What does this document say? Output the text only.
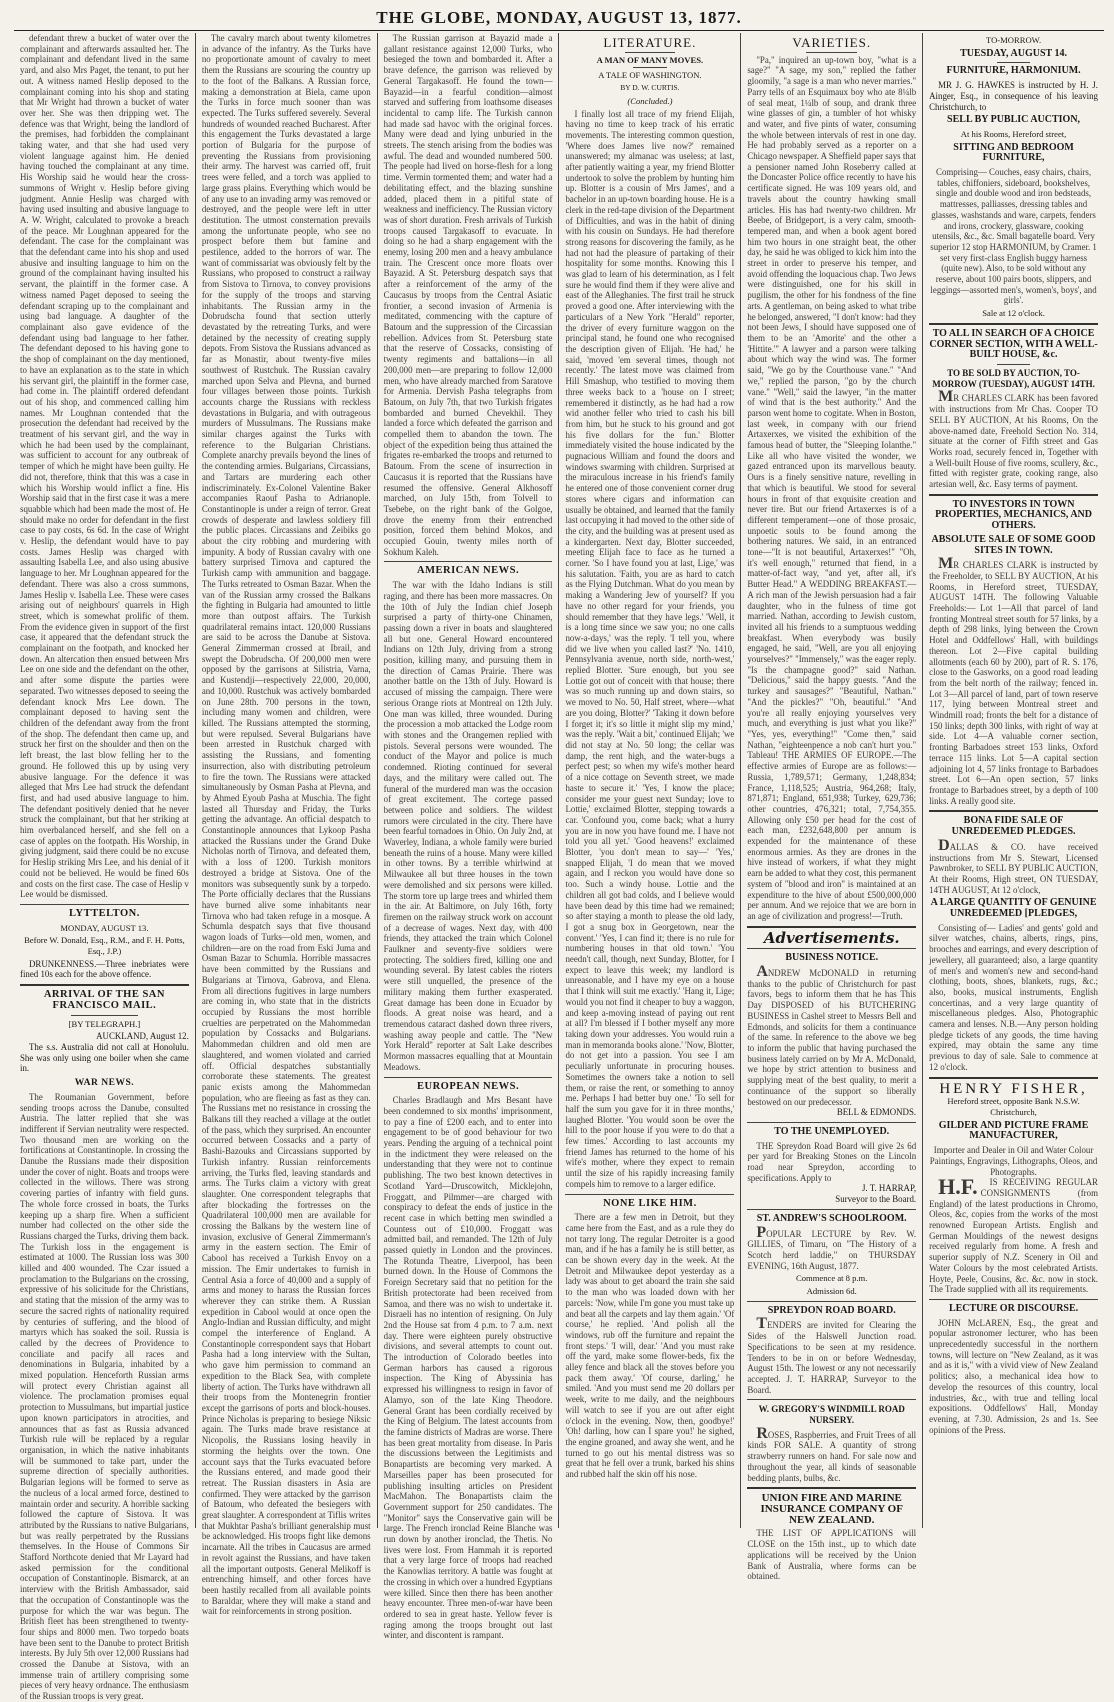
THE GLOBE, MONDAY, AUGUST 13, 1877.

defendant threw a bucket of water over the complainant and afterwards assaulted her. The complainant and defendant lived in the same yard, and also Mrs Paget, the tenant, to put her out. A witness named Heslip deposed to the complainant coming into his shop and stating that Mr Wright had thrown a bucket of water over her. She was then dripping wet. The defence was that Wright, being the landlord of the premises, had forbidden the complainant taking water, and that she had used very violent language against him. He denied having touched the complainant at any time. His Worship said he would hear the cross-summons of Wright v. Heslip before giving judgment. Annie Heslip was charged with having used insulting and abusive language to A. W. Wright, calculated to provoke a breach of the peace. Mr Loughnan appeared for the defendant. The case for the complainant was that the defendant came into his shop and used abusive and insulting language to him on the ground of the complainant having insulted his servant, the plaintiff in the former case. A witness named Paget deposed to seeing the defendant scraping up to the complainant and using bad language. A daughter of the complainant also gave evidence of the defendant using bad language to her father. The defendant deposed to his having gone to the shop of complainant on the day mentioned, to have an explanation as to the state in which his servant girl, the plaintiff in the former case, had come in. The plaintiff ordered defendant out of his shop, and commenced calling him names. Mr Loughnan contended that the prosecution the defendant had received by the treatment of his servant girl, and the way in which he had been used by the complainant, was sufficient to account for any outbreak of temper of which he might have been guilty. He did not, therefore, think that this was a case in which his Worship would inflict a fine. His Worship said that in the first case it was a mere squabble which had been made the most of. He should make no order for defendant in the first case to pay costs, 6s 6d. In the case of Wright v. Heslip, the defendant would have to pay costs. James Heslip was charged with assaulting Isabella Lee, and also using abusive language to her. Mr Loughnan appeared for the defendant. There was also a cross summons, James Heslip v. Isabella Lee. These were cases arising out of neighbours' quarrels in High street, which is somewhat prolific of them. From the evidence given in support of the first case, it appeared that the defendant struck the complainant on the footpath, and knocked her down. An altercation then ensued between Mrs Lee on one side and the defendant on the other, and after some dispute the parties were separated. Two witnesses deposed to seeing the defendant knock Mrs Lee down. The complainant deposed to having sent the children of the defendant away from the front of the shop. The defendant then came up, and struck her first on the shoulder and then on the left breast, the last blow felling her to the ground. He followed this up by using very abusive language. For the defence it was alleged that Mrs Lee had struck the defendant first, and had used abusive language to him. The defendant positively denied that he never struck the complainant, but that her striking at him overbalanced herself, and she fell on a case of apples on the footpath. His Worship, in giving judgment, said there could be no excuse for Heslip striking Mrs Lee, and his denial of it could not be believed. He would be fined 60s and costs on the first case. The case of Heslip v Lee would be dismissed.

LYTTELTON.
MONDAY, AUGUST 13.
Before W. Donald, Esq., R.M., and F. H. Potts, Esq., J.P.)

DRUNKENNESS.—Three inebriates were fined 10s each for the above offence.

ARRIVAL OF THE SAN FRANCISCO MAIL.
[BY TELEGRAPH.]
AUCKLAND, August 12.

The s.s. Australia did not call at Honolulu. She was only using one boiler when she came in.

WAR NEWS.

The Roumanian Government, before sending troops across the Danube, consulted Austria. The latter replied that she was indifferent if Servian neutrality were respected. Two thousand men are working on the fortifications at Constantinople. In crossing the Danube the Russians made their disposition under the cover of night. Boats and troops were collected in the willows. There was strong covering parties of infantry with field guns. The whole force crossed in boats, the Turks keeping up a sharp fire. When a sufficient number had collected on the other side the Russians charged the Turks, driving them back. The Turkish loss in the engagement is estimated at 1000. The Russian loss was 300 killed and 400 wounded. The Czar issued a proclamation to the Bulgarians on the crossing, expressive of his solicitude for the Christians, and stating that the mission of the army was to secure the sacred rights of nationality required by centuries of suffering, and the blood of martyrs which has soaked the soil. Russia is called by the decrees of Providence to conciliate and pacify all races and denominations in Bulgaria, inhabited by a mixed population. Henceforth Russian arms will protect every Christian against all violence. The proclamation promises equal protection to Mussulmans, but impartial justice upon known participators in atrocities, and announces that as fast as Russia advanced Turkish rule will be replaced by a regular organisation, in which the native inhabitants will be summoned to take part, under the supreme direction of specially authorities. Bulgarian legions will be formed to serve as the nucleus of a local armed force, destined to maintain order and security. A horrible sacking followed the capture of Sistova. It was attributed by the Russians to native Bulgarians, but was really perpetrated by the Russians themselves. In the House of Commons Sir Stafford Northcote denied that Mr Layard had asked permission for the conditional occupation of Constantinople. Bismarck, at an interview with the British Ambassador, said that the occupation of Constantinople was the purpose for which the war was begun. The British fleet has been strengthened to twenty-four ships and 8000 men. Two torpedo boats have been sent to the Danube to protect British interests. By July 5th over 12,000 Russians had crossed the Danube at Sistova, with an immense train of artillery comprising some pieces of very heavy ordnance. The enthusiasm of the Russian troops is very great.

The cavalry march about twenty kilometres in advance of the infantry. As the Turks have no proportionate amount of cavalry to meet them the Russians are scouring the country up to the foot of the Balkans. A Russian force, making a demonstration at Biela, came upon the Turks in force much sooner than was expected. The Turks suffered severely. Several hundreds of wounded reached Bucharest. After this engagement the Turks devastated a large portion of Bulgaria for the purpose of preventing the Russians from provisioning their army. The harvest was carried off, fruit trees were felled, and a torch was applied to large grass plains. Everything which would be of any use to an invading army was removed or destroyed, and the people were left in utter destitution. The utmost consternation prevails among the unfortunate people, who see no prospect before them but famine and pestilence, added to the horrors of war. The want of commissariat was obviously felt by the Russians, who proposed to construct a railway from Sistova to Tirnova, to convey provisions for the supply of the troops and starving inhabitants. The Russian army in the Dobrudscha found that section utterly devastated by the retreating Turks, and were detained by the necessity of creating supply depots. From Sistova the Russians advanced as far as Monastir, about twenty-five miles southwest of Rustchuk. The Russian cavalry marched upon Selva and Plevna, and burned four villages between those points. Turkish accounts charge the Russians with reckless devastations in Bulgaria, and with outrageous murders of Mussulmans. The Russians make similar charges against the Turks with reference to the Bulgarian Christians. Complete anarchy prevails beyond the lines of the contending armies. Bulgarians, Circassians, and Tartars are murdering each other indiscriminately. Ex-Colonel Valentine Baker accompanies Raouf Pasha to Adrianople. Constantinople is under a reign of terror. Great crowds of desperate and lawless soldiery fill the public places. Circassians and Zeibiks go about the city robbing and murdering with impunity. A body of Russian cavalry with one battery surprised Tirnova and captured the Turkish camp with ammunition and baggage. The Turks retreated to Osman Bazar. When the van of the Russian army crossed the Balkans the fighting in Bulgaria had amounted to little more than outpost affairs. The Turkish quadrilateral remains intact. 120,000 Russians are said to be across the Danube at Sistova. General Zimmerman crossed at Ibrail, and swept the Dobrudscha. Of 200,000 men were opposed by the garrisons at Silistria, Varna, and Kustendji—respectively 22,000, 20,000, and 10,000. Rustchuk was actively bombarded on June 28th. 700 persons in the town, including many women and children, were killed. The Russians attempted the storming, but were repulsed. Several Bulgarians have been arrested in Rustchuk charged with assisting the Russians, and fomenting insurrection, also with distributing petroleum to fire the town. The Russians were attacked simultaneously by Osman Pasha at Plevna, and by Ahmed Eyoub Pasha at Muschia. The fight lasted all Thursday and Friday, the Turks getting the advantage. An official despatch to Constantinople announces that Lykoop Pasha attacked the Russians under the Grand Duke Nicholas north of Tirnova, and defeated them, with a loss of 1200. Turkish monitors destroyed a bridge at Sistova. One of the monitors was subsequently sunk by a torpedo. The Porte officially declares that the Russians have burned alive some inhabitants near Tirnova who had taken refuge in a mosque. A Schumla despatch says that five thousand wagon loads of Turks—old men, women, and children—are on the road from Eski Juma and Osman Bazar to Schumla. Horrible massacres have been committed by the Russians and Bulgarians at Tirnova, Gabrova, and Elena. From all directions fugitives in large numbers are coming in, who state that in the districts occupied by Russians the most horrible cruelties are perpetrated on the Mahommedan population by Cossacks and Bulgarians. Mahommedan children and old men are slaughtered, and women violated and carried off. Official despatches substantially corroborate these statements. The greatest panic exists among the Mahommedan population, who are fleeing as fast as they can. The Russians met no resistance in crossing the Balkans till they reached a village at the outlet of the pass, which they surprised. An encounter occurred between Cossacks and a party of Bashi-Bazouks and Circassians supported by Turkish infantry. Russian reinforcements arriving, the Turks fled, leaving standards and arms. The Turks claim a victory with great slaughter. One correspondent telegraphs that after blockading the fortresses on the Quadrilateral 100,000 men are available for crossing the Balkans by the western line of invasion, exclusive of General Zimmermann's army in the eastern section. The Emir of Cabool has received a Turkish Envoy on a mission. The Emir undertakes to furnish in Central Asia a force of 40,000 and a supply of arms and money to harass the Russian forces wherever they can strike them. A Russian expedition in Cabool would at once open the Anglo-Indian and Russian difficulty, and might compel the interference of England. A Constantinople correspondent says that Hobart Pasha had a long interview with the Sultan, who gave him permission to command an expedition to the Black Sea, with complete liberty of action. The Turks have withdrawn all their troops from the Montenegrin frontier except the garrisons of ports and block-houses. Prince Nicholas is preparing to besiege Niksic again. The Turks made brave resistance at Nicopolis, the Russians losing heavily in storming the heights over the town. One account says that the Turks evacuated before the Russians entered, and made good their retreat. The Russian disasters in Asia are confirmed. They were attacked by the garrison of Batoum, who defeated the besiegers with great slaughter. A correspondent at Tiflis writes that Mukhtar Pasha's brilliant generalship must be acknowledged. His troops fight like demons incarnate. All the tribes in Caucasus are armed in revolt against the Russians, and have taken all the important outposts. General Melikoff is entrenching himself, and other forces have been hastily recalled from all available points to Baraldar, where they will make a stand and wait for reinforcements in strong position.

The Russian garrison at Bayazid made a gallant resistance against 12,000 Turks, who besieged the town and bombarded it. After a brave defence, the garrison was relieved by General Targakasoff. He found the town—Bayazid—in a fearful condition—almost starved and suffering from loathsome diseases incidental to camp life. The Turkish cannon had made sad havoc with the original forces. Many were dead and lying unburied in the streets. The stench arising from the bodies was awful. The dead and wounded numbered 500. The people had lived on horse-flesh for a long time. Vermin tormented them; and water had a debilitating effect, and the blazing sunshine added, placed them in a pitiful state of weakness and inefficiency. The Russian victory was of short duration. Fresh arrivals of Turkish troops caused Targakasoff to evacuate. In doing so he had a sharp engagement with the enemy, losing 200 men and a heavy ambulance train. The Crescent once more floats over Bayazid. A St. Petersburg despatch says that after a reinforcement of the army of the Caucasus by troops from the Central Asiatic frontier, a second invasion of Armenia is meditated, commencing with the capture of Batoum and the suppression of the Circassian rebellion. Advices from St. Petersburg state that the reserve of Cossacks, consisting of twenty regiments and battalions—in all 200,000 men—are preparing to follow 12,000 men, who have already marched from Saratove for Armenia. Dervish Pasha telegraphs from Batoum, on July 7th, that two Turkish frigates bombarded and burned Chevekhil. They landed a force which defeated the garrison and compelled them to abandon the town. The object of the expedition being thus attained the frigates re-embarked the troops and returned to Batoum. From the scene of insurrection in Caucasus it is reported that the Russians have resumed the offensive. General Alkhosoff marched, on July 15th, from Tolvell to Tsebebe, on the right bank of the Golgoe, drove the enemy from their entrenched position, forced them behind Mokos, and occupied Gouin, twenty miles north of Sokhum Kaleh.

AMERICAN NEWS.

The war with the Idaho Indians is still raging, and there has been more massacres. On the 10th of July the Indian chief Joseph surprised a party of thirty-one Chinamen, passing down a river in boats and slaughtered all but one. General Howard encountered Indians on 12th July, driving from a strong position, killing many, and pursuing them in the direction of Camas Prairie. There was another battle on the 13th of July. Howard is accused of missing the campaign. There were serious Orange riots at Montreal on 12th July. One man was killed, three wounded. During the procession a mob attacked the Lodge room with stones and the Orangemen replied with pistols. Several persons were wounded. The conduct of the Mayor and police is much condemned. Rioting continued for several days, and the military were called out. The funeral of the murdered man was the occasion of great excitement. The cortege passed between police and soldiers. The wildest rumors were circulated in the city. There have been fearful tornadoes in Ohio. On July 2nd, at Waverley, Indiana, a whole family were buried beneath the ruins of a house. Many were killed in other towns. By a terrible whirlwind at Milwaukee all but three houses in the town were demolished and six persons were killed. The storm tore up large trees and whirled them in the air. At Baltimore, on July 16th, forty firemen on the railway struck work on account of a decrease of wages. Next day, with 400 friends, they attacked the train which Colonel Faulkner and seventy-five soldiers were protecting. The soldiers fired, killing one and wounding several. By latest cables the rioters were still unquelled, the presence of the military making them further exasperated. Great damage has been done in Ecuador by floods. A great noise was heard, and a tremendous cataract dashed down three rivers, washing away people and cattle. The "New York Herald" reporter at Salt Lake describes Mormon massacres equalling that at Mountain Meadows.

EUROPEAN NEWS.

Charles Bradlaugh and Mrs Besant have been condemned to six months' imprisonment, to pay a fine of £200 each, and to enter into engagement to be of good behaviour for two years. Pending the arguing of a technical point in the indictment they were released on the understanding that they were not to continue publishing. The two best known detectives in Scotland Yard—Druscowitch, Micklejohn, Froggatt, and Pilmmer—are charged with conspiracy to defeat the ends of justice in the recent case in which betting men swindled a Countess out of £10,000. Froggatt was admitted bail, and remanded. The 12th of July passed quietly in London and the provinces. The Rotunda Theatre, Liverpool, has been burned down. In the House of Commons the Foreign Secretary said that no petition for the British protectorate had been received from Samoa, and there was no wish to undertake it. Disraeli has no intention of resigning. On July 2nd the House sat from 4 p.m. to 7 a.m. next day. There were eighteen purely obstructive divisions, and several attempts to count out. The introduction of Colorado beetles into German harbors has caused a rigorous inspection. The King of Abyssinia has expressed his willingness to resign in favor of Alamyo, son of the late King Theodore. General Grant has been cordially received by the King of Belgium. The latest accounts from the famine districts of Madras are worse. There has been great mortality from disease. In Paris the discussions between the Legitimists and Bonapartists are becoming very marked. A Marseilles paper has been prosecuted for publishing insulting articles on President MacMahon. The Bonapartists claim the Government support for 250 candidates. The "Monitor" says the Conservative gain will be large. The French ironclad Reine Blanche was run down by another ironclad, the Thetis. No lives were lost. From Hammah it is reported that a very large force of troops had reached the Kanowlias territory. A battle was fought at the crossing in which over a hundred Egyptians were killed. Since then there has been another heavy encounter. Three men-of-war have been ordered to sea in great haste. Yellow fever is raging among the troops brought out last winter, and discontent is rampant.

LITERATURE.
A MAN OF MANY MOVES.
A TALE OF WASHINGTON.
BY D. W. CURTIS.
(Concluded.)

I finally lost all trace of my friend Elijah, having no time to keep track of his erratic movements. The interesting common question, 'Where does James live now?' remained unanswered; my almanac was useless; at last, after patiently waiting a year, my friend Blotter undertook to solve the problem by hunting him up. Blotter is a cousin of Mrs James', and a bachelor in an up-town boarding house. He is a clerk in the red-tape division of the Department of Difficulties, and was in the habit of dining with his cousin on Sundays. He had therefore strong reasons for discovering the family, as he had not had the pleasure of partaking of their hospitality for some months. Knowing this I was glad to learn of his determination, as I felt sure he would find them if they were alive and east of the Alleghanies. The first trail he struck proved a good one. After interviewing with the particulars of a New York "Herald" reporter, the driver of every furniture waggon on the principal stand, he found one who recognised the description given of Elijah. 'He had,' he said, 'moved 'em several times, though not recently.' The latest move was claimed from Hill Smashup, who testified to moving them three weeks back to a 'house on I street; remembered it distinctly, as he had had a row wid another feller who tried to cash his bill from him, but he stuck to his ground and got his five dollars for the fun.' Blotter immediately visited the house indicated by the pugnacious William and found the doors and windows swarming with children. Surprised at the miraculous increase in his friend's family he entered one of those convenient corner drug stores where cigars and information can usually be obtained, and learned that the family last occupying it had moved to the other side of the city, and the building was at present used as a kindergarten. Next day, Blotter succeeded, meeting Elijah face to face as he turned a corner. 'So I have found you at last, Lige,' was his salutation. 'Faith, you are as hard to catch as the Flying Dutchman. What do you mean by making a Wandering Jew of yourself? If you have no other regard for your friends, you should remember that they have legs.' 'Well, it is a long time since we saw you; no one calls now-a-days,' was the reply. 'I tell you, where did we live when you called last?' 'No. 1410, Pennsylvania avenue, north side, north-west,' replied Blotter. 'Sure enough, but you see Lottie got out of conceit with that house; there was so much running up and down stairs, so we moved to No. 50, Half street, where—what are you doing, Blotter?' 'Taking it down before I forget it; it's so little it might slip my mind,' was the reply. 'Wait a bit,' continued Elijah; 'we did not stay at No. 50 long; the cellar was damp, the rent high, and the water-bugs a perfect pest; so when my wife's mother heard of a nice cottage on Seventh street, we made haste to secure it.' 'Yes, I know the place; consider me your guest next Sunday; love to Lottie,' exclaimed Blotter, stepping towards a car. 'Confound you, come back; what a hurry you are in now you have found me. I have not told you all yet.' 'Good heavens!' exclaimed Blotter, 'you don't mean to say—' 'Yes,' snapped Elijah, 'I do mean that we moved again, and I reckon you would have done so too. Such a windy house. Lottie and the children all got bad colds, and I believe would have been dead by this time had we remained; so after staying a month to please the old lady, I got a snug box in Georgetown, near the convent.' 'Yes, I can find it; there is no rule for numbering houses in that old town.' 'You needn't call, though, next Sunday, Blotter, for I expect to leave this week; my landlord is unreasonable, and I have my eye on a house that I think will suit me exactly.' 'Hang it, Lige; would you not find it cheaper to buy a waggon, and keep a-moving instead of paying out rent at all? I'm blessed if I bother myself any more taking down your addresses. You would ruin a man in memoranda books alone.' 'Now, Blotter, do not get into a passion. You see I am peculiarly unfortunate in procuring houses. Sometimes the owners take a notion to sell them, or raise the rent, or something to annoy me. Perhaps I had better buy one.' 'To sell for half the sum you gave for it in three months,' laughed Blotter. 'You would soon be over the hill to the poor house if you were to do that a few times.' According to last accounts my friend James has returned to the home of his wife's mother, where they expect to remain until the size of his rapidly increasing family compels him to remove to a larger edifice.

NONE LIKE HIM.

There are a few men in Detroit, but they came here from the East, and as a rule they do not tarry long. The regular Detroiter is a good man, and if he has a family he is still better, as can be shown every day in the week. At the Detroit and Milwaukee depot yesterday as a lady was about to get aboard the train she said to the man who was loaded down with her parcels: 'Now, while I'm gone you must take up and beat all the carpets and lay them again.' 'Of course,' he replied. 'And polish all the windows, rub off the furniture and repaint the front steps.' 'I will, dear.' 'And you must rake off the yard, make some flower-beds, fix the alley fence and black all the stoves before you pack them away.' 'Of course, darling,' he smiled. 'And you must send me 20 dollars per week, write to me daily, and the neighbours will watch to see if you are out after eight o'clock in the evening. Now, then, goodbye!' 'Oh! darling, how can I spare you!' he sighed, the engine groaned, and away she went, and he turned to go out his mental distress was so great that he fell over a trunk, barked his shins and rubbed half the skin off his nose.

VARIETIES.

"Pa," inquired an up-town boy, "what is a sage?" "A sage, my son," replied the father gloomily, "a sage is a man who never marries." Parry tells of an Esquimaux boy who ate 8¼lb of seal meat, 1¼lb of soup, and drank three wine glasses of gin, a tumbler of hot whisky and water, and five pints of water, consuming the whole between intervals of rest in one day. He had probably served as a reporter on a Chicago newspaper. A Sheffield paper says that a pensioner named John Roseberry called at the Doncaster Police office recently to have his certificate signed. He was 109 years old, and travels about the country hawking small articles. His has had twenty-two children. Mr Beebe, of Bridgeport, is a very calm, smooth-tempered man, and when a book agent bored him two hours in one straight beat, the other day, he said he was obliged to kick him into the street in order to preserve his temper, and avoid offending the loquacious chap. Two Jews were distinguished, one for his skill in pugilism, the other for his fondness of the fine arts. A gentleman, on being asked to what tribe he belonged, answered, "I don't know: had they not been Jews, I should have supposed one of them to be an 'Amorite' and the other a 'Hittite.'" A lawyer and a parson were talking about which way the wind was. The former said, "We go by the Courthouse vane." "And we," replied the parson, "go by the church vane." "Well," said the lawyer, "in the matter of wind that is the best authority." And the parson went home to cogitate. When in Boston, last week, in company with our friend Artaxerxes, we visited the exhibition of the famous head of butter, the "Sleeping Iolanthe." Like all who have visited the wonder, we gazed entranced upon its marvellous beauty. Ours is a finely sensitive nature, revelling in that which is beautiful. We stood for several hours in front of that exquisite creation and never tire. But our friend Artaxerxes is of a different temperament—one of those prosaic, unpoetic souls to be found among the bothering natures. We said, in an entranced tone—"It is not beautiful, Artaxerxes!" "Oh, it's well enough," returned that fiend, in a matter-of-fact way, "and yet, after all, it's Butter Head." A WEDDING BREAKFAST.—A rich man of the Jewish persuasion had a fair daughter, who in the fulness of time got married. Nathan, according to Jewish custom, invited all his friends to a sumptuous wedding breakfast. When everybody was busily engaged, he said, "Well, are you all enjoying yourselves?" "Immensely," was the eager reply. "Is the champagne good?" said Nathan. "Delicious," said the happy guests. "And the turkey and sausages?" "Beautiful, Nathan." "And the pickles?" "Oh, beautiful." "And you're all really enjoying yourselves very much, and everything is just what you like?" "Yes, yes, everything!" "Come then," said Nathan, "eighteenpence a nob can't hurt you." Tableau! THE ARMIES OF EUROPE.—The effective armies of Europe are as follows:—Russia, 1,789,571; Germany, 1,248,834; France, 1,118,525; Austria, 964,268; Italy, 871,871; England, 651,938; Turkey, 629,736; other countries, 476,321; total, 7,754,355. Allowing only £50 per head for the cost of each man, £232,648,800 per annum is expended for the maintenance of these enormous armies. As they are drones in the hive instead of workers, if what they might earn be added to what they cost, this permanent system of "blood and iron" is maintained at an expenditure to the hive of about £500,000,000 per annum. And we rejoice that we are born in an age of civilization and progress!—Truth.

Advertisements.
BUSINESS NOTICE.

ANDREW McDONALD in returning thanks to the public of Christchurch for past favors, begs to inform them that he has This Day DISPOSED of his BUTCHERING BUSINESS in Cashel street to Messrs Bell and Edmonds, and solicits for them a continuance of the same. In reference to the above we beg to inform the public that having purchased the business lately carried on by Mr A. McDonald, we hope by strict attention to business and supplying meat of the best quality, to merit a continuance of the support so liberally bestowed on our predecessor.

BELL & EDMONDS.
TO THE UNEMPLOYED.

THE Spreydon Road Board will give 2s 6d per yard for Breaking Stones on the Lincoln road near Spreydon, according to specifications. Apply to

J. T. HARRAP,
Surveyor to the Board.
ST. ANDREW'S SCHOOLROOM.

POPULAR LECTURE by Rev. W. GILLIES, of Timaru, on "The History of a Scotch herd laddie," on THURSDAY EVENING, 16th August, 1877.

Commence at 8 p.m.
Admission 6d.
SPREYDON ROAD BOARD.

TENDERS are invited for Clearing the Sides of the Halswell Junction road. Specifications to be seen at my residence. Tenders to be in on or before Wednesday, August 15th. The lowest or any not necessarily accepted. J. T. HARRAP, Surveyor to the Board.

W. GREGORY'S WINDMILL ROAD NURSERY.

ROSES, Raspberries, and Fruit Trees of all kinds FOR SALE. A quantity of strong strawberry runners on hand. For sale now and throughout the year, all kinds of seasonable bedding plants, bulbs, &c.

UNION FIRE AND MARINE INSURANCE COMPANY OF NEW ZEALAND.

THE LIST OF APPLICATIONS will CLOSE on the 15th inst., up to which date applications will be received by the Union Bank of Australia, where forms can be obtained.

TO-MORROW.
TUESDAY, AUGUST 14.
FURNITURE, HARMONIUM.

MR J. G. HAWKES is instructed by H. J. Ainger, Esq., in consequence of his leaving Christchurch, to

SELL BY PUBLIC AUCTION,
At his Rooms, Hereford street,
SITTING AND BEDROOM FURNITURE,

Comprising— Couches, easy chairs, chairs, tables, chiffoniers, sideboard, bookshelves, single and double wood and iron bedsteads, mattresses, palliasses, dressing tables and glasses, washstands and ware, carpets, fenders and irons, crockery, glassware, cooking utensils, &c., &c. Small bagatelle board. Very superior 12 stop HARMONIUM, by Cramer. 1 set very first-class English buggy harness (quite new). Also, to be sold without any reserve, about 100 pairs boots, slippers, and leggings—assorted men's, women's, boys', and girls'.

Sale at 12 o'clock.
TO ALL IN SEARCH OF A CHOICE CORNER SECTION, WITH A WELL-BUILT HOUSE, &c.
TO BE SOLD BY AUCTION, TO-MORROW (TUESDAY), AUGUST 14TH.

MR CHARLES CLARK has been favored with instructions from Mr Chas. Cooper TO SELL BY AUCTION, At his Rooms, On the above-named date, Freehold Section No. 314, situate at the corner of Fifth street and Gas Works road, securely fenced in, Together with a Well-built House of five rooms, scullery, &c., fitted with register grate, cooking range, also artesian well, &c. Easy terms of payment.

TO INVESTORS IN TOWN PROPERTIES, MECHANICS, AND OTHERS.
ABSOLUTE SALE OF SOME GOOD SITES IN TOWN.

MR CHARLES CLARK is instructed by the Freeholder, to SELL BY AUCTION, At his Rooms, in Hereford street, TUESDAY, AUGUST 14TH. The following Valuable Freeholds:— Lot 1—All that parcel of land fronting Montreal street south for 57 links, by a depth of 298 links, lying between the Crown Hotel and Oddfellows' Hall, with buildings thereon. Lot 2—Five capital building allotments (each 60 by 200), part of R. S. 176, close to the Gasworks, on a good road leading from the belt north of the railway; fenced in. Lot 3—All parcel of land, part of town reserve 117, lying between Montreal street and Windmill road; fronts the belt for a distance of 150 links; depth 300 links, with right of way at side. Lot 4—A valuable corner section, fronting Barbadoes street 153 links, Oxford terrace 115 links. Lot 5—A capital section adjoining lot 4, 57 links frontage to Barbadoes street. Lot 6—An open section, 57 links frontage to Barbadoes street, by a depth of 100 links. A really good site.

BONA FIDE SALE OF UNREDEEMED PLEDGES.

DALLAS & CO. have received instructions from Mr S. Stewart, Licensed Pawnbroker, to SELL BY PUBLIC AUCTION, At their Rooms, High street, ON TUESDAY, 14TH AUGUST, At 12 o'clock,

A LARGE QUANTITY OF GENUINE UNREDEEMED [PLEDGES,

Consisting of— Ladies' and gents' gold and silver watches, chains, alberts, rings, pins, brooches and earrings, and every description of jewellery, all guaranteed; also, a large quantity of men's and women's new and second-hand clothing, boots, shoes, blankets, rugs, &c.; also, books, musical instruments, English concertinas, and a very large quantity of miscellaneous pledges. Also, Photographic camera and lenses. N.B.—Any person holding pledge tickets of any goods, the time having expired, may obtain the same any time previous to day of sale. Sale to commence at 12 o'clock.

HENRY FISHER,
Hereford street, opposite Bank N.S.W. Christchurch,
GILDER AND PICTURE FRAME MANUFACTURER,

Importer and Dealer in Oil and Water Colour Paintings, Engravings, Lithographs, Oleos, and Photographs.

H.F. IS RECEIVING REGULAR CONSIGNMENTS (from England) of the latest productions in Chromo, Oleos, &c, copies from the works of the most renowned European Artists. English and German Mouldings of the newest designs received regularly from home. A fresh and superior supply of N.Z. Scenery in Oil and Water Colours by the most celebrated Artists. Hoyte, Peele, Cousins, &c. &c. now in stock. The Trade supplied with all its requirements.

LECTURE OR DISCOURSE.

JOHN McLAREN, Esq., the great and popular astronomer lecturer, who has been unprecedentedly successful in the northern towns, will lecture on "New Zealand, as it was and as it is," with a vivid view of New Zealand politics; also, a mechanical idea how to develop the resources of this country, local industries, &c., with true and telling local expositions. Oddfellows' Hall, Monday evening, at 7.30. Admission, 2s and 1s. See opinions of the Press.
